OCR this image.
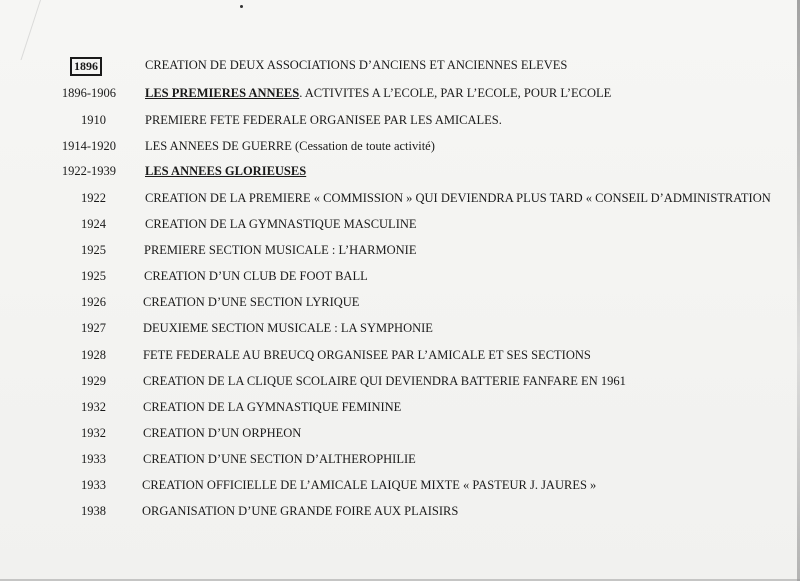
1896	CREATION DE DEUX ASSOCIATIONS D’ANCIENS ET ANCIENNES ELEVES
1896-1906 LES PREMIERES ANNEES. ACTIVITES A L’ECOLE, PAR L’ECOLE, POUR L’ECOLE
1910	PREMIERE FETE FEDERALE ORGANISEE PAR LES AMICALES.
1914-1920 LES ANNEES DE GUERRE (Cessation de toute activité)
1922-1939 LES ANNEES GLORIEUSES
1922	CREATION DE LA PREMIERE « COMMISSION » QUI DEVIENDRA PLUS TARD « CONSEIL D’ADMINISTRATION
1924	CREATION DE LA GYMNASTIQUE MASCULINE
1925	PREMIERE SECTION MUSICALE : L’HARMONIE
1925	CREATION D’UN CLUB DE FOOT BALL
1926	CREATION D’UNE SECTION LYRIQUE
1927	DEUXIEME SECTION MUSICALE : LA SYMPHONIE
1928	FETE FEDERALE AU BREUCQ ORGANISEE PAR L’AMICALE ET SES SECTIONS
1929	CREATION DE LA CLIQUE SCOLAIRE QUI DEVIENDRA BATTERIE FANFARE EN 1961
1932	CREATION DE LA GYMNASTIQUE FEMININE
1932	CREATION D’UN ORPHEON
1933	CREATION D’UNE SECTION D’ALTHEROPHILIE
1933	CREATION OFFICIELLE DE L’AMICALE LAIQUE MIXTE « PASTEUR J. JAURES »
1938	ORGANISATION D’UNE GRANDE FOIRE AUX PLAISIRS
